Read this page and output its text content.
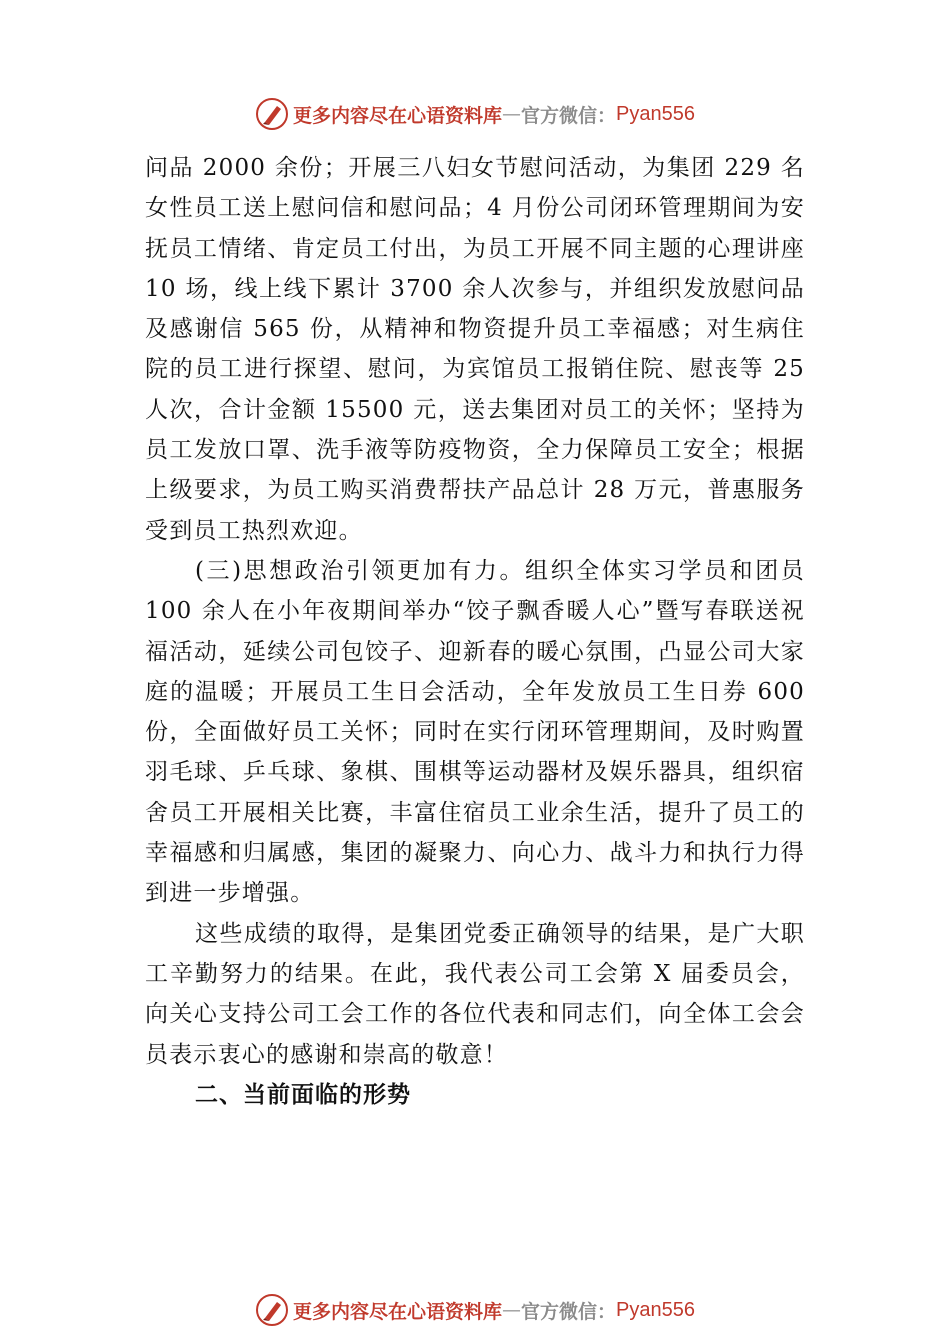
更多内容尽在心语资料库 — 官方微信： Pyan556

问品 2000 余份；开展三八妇女节慰问活动，为集团 229 名女性员工送上慰问信和慰问品；4 月份公司闭环管理期间为安抚员工情绪、肯定员工付出，为员工开展不同主题的心理讲座 10 场，线上线下累计 3700 余人次参与，并组织发放慰问品及感谢信 565 份，从精神和物资提升员工幸福感；对生病住院的员工进行探望、慰问，为宾馆员工报销住院、慰丧等 25 人次，合计金额 15500 元，送去集团对员工的关怀；坚持为员工发放口罩、洗手液等防疫物资，全力保障员工安全；根据上级要求，为员工购买消费帮扶产品总计 28 万元，普惠服务受到员工热烈欢迎。

(三)思想政治引领更加有力。组织全体实习学员和团员 100 余人在小年夜期间举办“饺子飘香暖人心”暨写春联送祝福活动，延续公司包饺子、迎新春的暖心氛围，凸显公司大家庭的温暖；开展员工生日会活动，全年发放员工生日券 600 份，全面做好员工关怀；同时在实行闭环管理期间，及时购置羽毛球、乒乓球、象棋、围棋等运动器材及娱乐器具，组织宿舍员工开展相关比赛，丰富住宿员工业余生活，提升了员工的幸福感和归属感，集团的凝聚力、向心力、战斗力和执行力得到进一步增强。

这些成绩的取得，是集团党委正确领导的结果，是广大职工辛勤努力的结果。在此，我代表公司工会第 X 届委员会，向关心支持公司工会工作的各位代表和同志们，向全体工会会员表示衷心的感谢和崇高的敬意！

二、当前面临的形势

更多内容尽在心语资料库 — 官方微信： Pyan556
